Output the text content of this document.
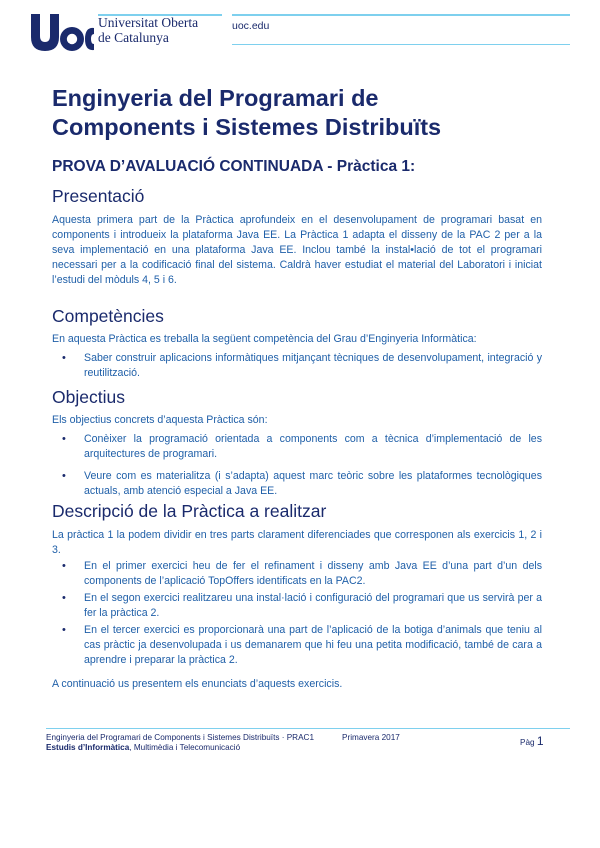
Universitat Oberta
de Catalunya
uoc.edu
Enginyeria del Programari de
Components i Sistemes Distribuïts
PROVA D’AVALUACIÓ CONTINUADA - Pràctica 1:
Presentació

Aquesta primera part de la Pràctica aprofundeix en el desenvolupament de programari basat en components i introdueix la plataforma Java EE. La Pràctica 1 adapta el disseny de la PAC 2 per a la seva implementació en una plataforma Java EE. Inclou també la instal•lació de tot el programari necessari per a la codificació final del sistema. Caldrà haver estudiat el material del Laboratori i iniciat l’estudi del mòduls 4, 5 i 6.

Competències

En aquesta Pràctica es treballa la següent competència del Grau d’Enginyeria Informàtica:

• Saber construir aplicacions informàtiques mitjançant tècniques de desenvolupament, integració y reutilització.
Objectius

Els objectius concrets d’aquesta Pràctica són:

• Conèixer la programació orientada a components com a tècnica d’implementació de les arquitectures de programari.
• Veure com es materialitza (i s’adapta) aquest marc teòric sobre les plataformes tecnològiques actuals, amb atenció especial a Java EE.
Descripció de la Pràctica a realitzar

La pràctica 1 la podem dividir en tres parts clarament diferenciades que corresponen als exercicis 1, 2 i 3.

• En el primer exercici heu de fer el refinament i disseny amb Java EE d’una part d’un dels components de l’aplicació TopOffers identificats en la PAC2.
• En el segon exercici realitzareu una instal·lació i configuració del programari que us servirà per a fer la pràctica 2.
• En el tercer exercici es proporcionarà una part de l’aplicació de la botiga d’animals que teniu al cas pràctic ja desenvolupada i us demanarem que hi feu una petita modificació, també de cara a aprendre i preparar la pràctica 2.

A continuació us presentem els enunciats d’aquests exercicis.

Enginyeria del Programari de Components i Sistemes Distribuïts · PRAC1	Primavera 2017
Estudis d’Informàtica, Multimèdia i Telecomunicació
Pàg 1
